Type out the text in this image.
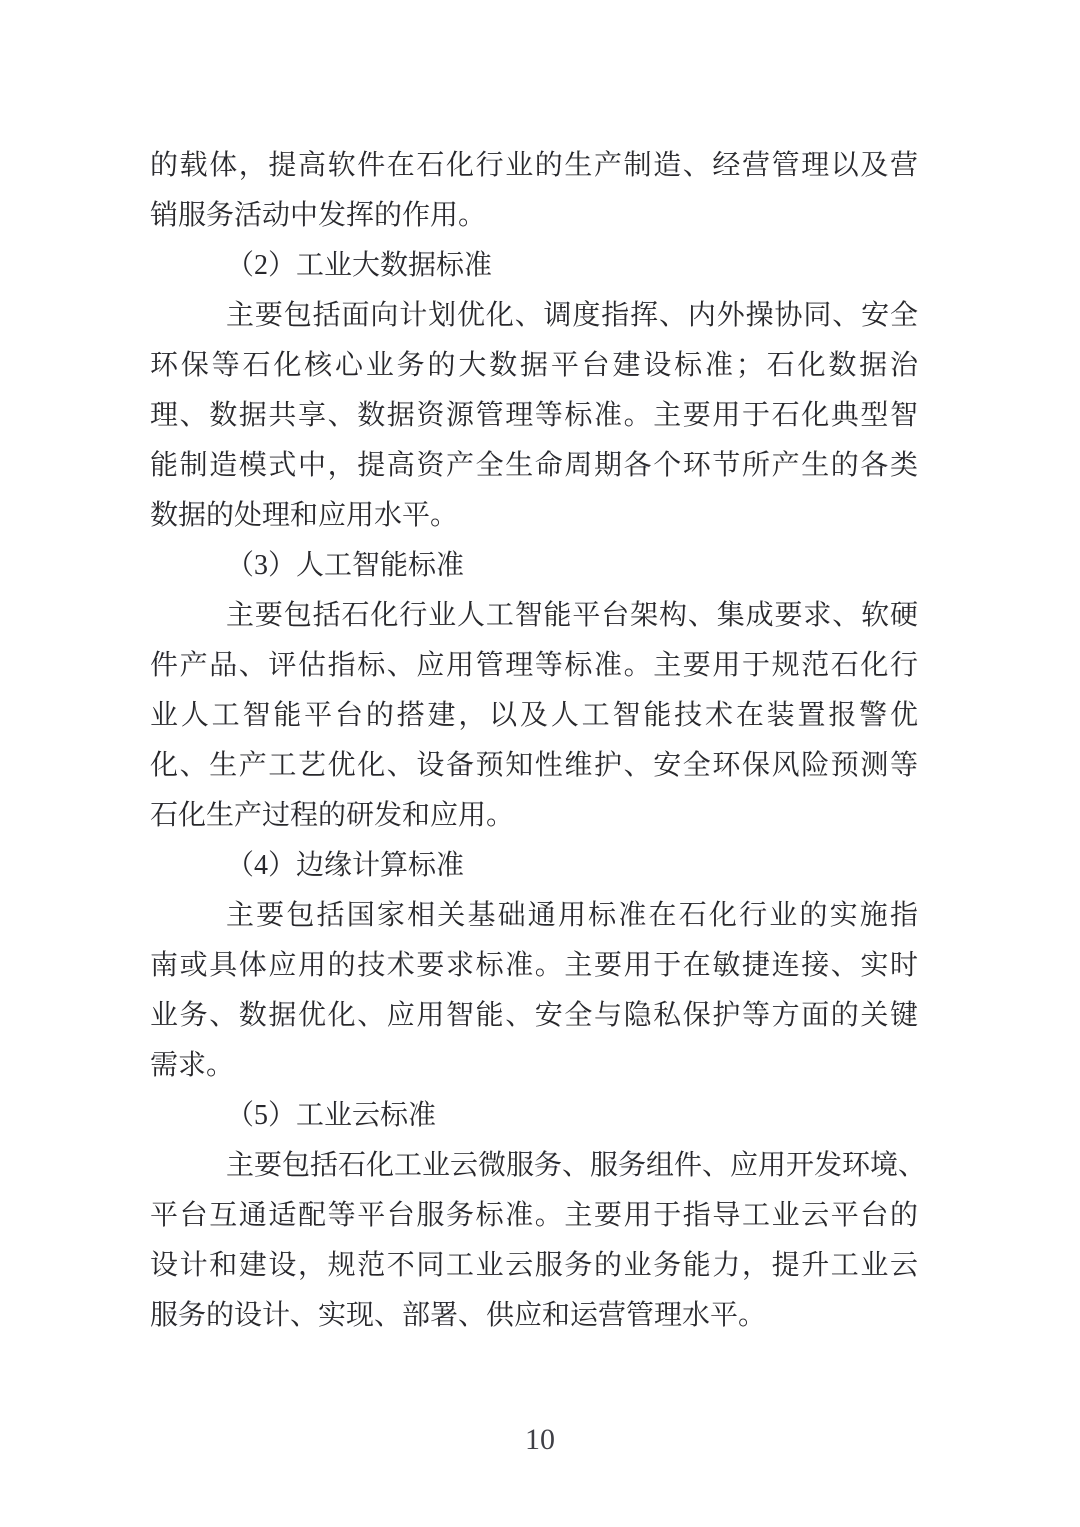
的载体，提高软件在石化行业的生产制造、经营管理以及营
销服务活动中发挥的作用。
（2）工业大数据标准
主要包括面向计划优化、调度指挥、内外操协同、安全
环保等石化核心业务的大数据平台建设标准；石化数据治
理、数据共享、数据资源管理等标准。主要用于石化典型智
能制造模式中，提高资产全生命周期各个环节所产生的各类
数据的处理和应用水平。
（3）人工智能标准
主要包括石化行业人工智能平台架构、集成要求、软硬
件产品、评估指标、应用管理等标准。主要用于规范石化行
业人工智能平台的搭建，以及人工智能技术在装置报警优
化、生产工艺优化、设备预知性维护、安全环保风险预测等
石化生产过程的研发和应用。
（4）边缘计算标准
主要包括国家相关基础通用标准在石化行业的实施指
南或具体应用的技术要求标准。主要用于在敏捷连接、实时
业务、数据优化、应用智能、安全与隐私保护等方面的关键
需求。
（5）工业云标准
主要包括石化工业云微服务、服务组件、应用开发环境、
平台互通适配等平台服务标准。主要用于指导工业云平台的
设计和建设，规范不同工业云服务的业务能力，提升工业云
服务的设计、实现、部署、供应和运营管理水平。
10
